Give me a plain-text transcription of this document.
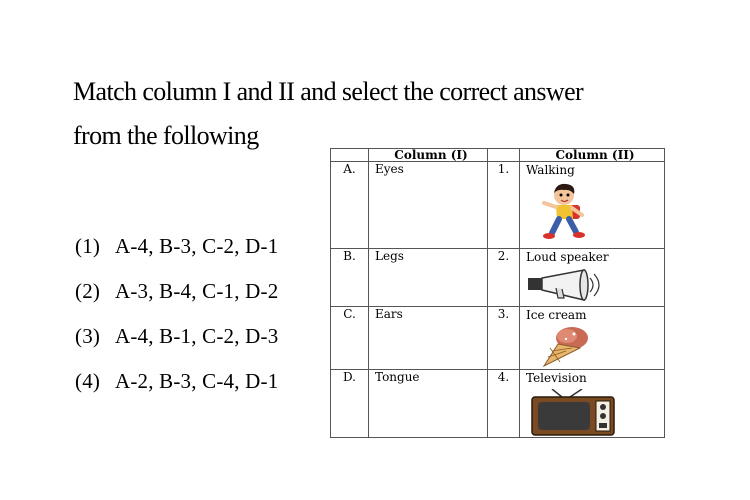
Match column I and II and select the correct answer
from the following
(1) A-4, B-3, C-2, D-1
(2) A-3, B-4, C-1, D-2
(3) A-4, B-1, C-2, D-3
(4) A-2, B-3, C-4, D-1
	Column (I)		Column (II)
A.	Eyes	1.	Walking

B.	Legs	2.	Loud speaker

C.	Ears	3.	Ice cream

D.	Tongue	4.	Television
